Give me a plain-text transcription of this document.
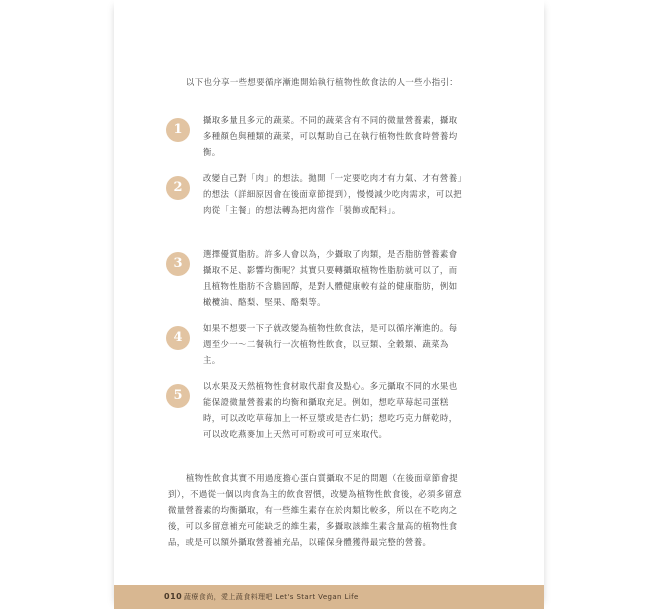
以下也分享一些想要循序漸進開始執行植物性飲食法的人一些小指引：

1

攝取多量且多元的蔬菜。不同的蔬菜含有不同的微量營養素，攝取多種顏色與種類的蔬菜，可以幫助自己在執行植物性飲食時營養均衡。

2

改變自己對「肉」的想法。拋開「一定要吃肉才有力氣、才有營養」的想法（詳細原因會在後面章節提到），慢慢減少吃肉需求，可以把肉從「主餐」的想法轉為把肉當作「裝飾或配料」。

3

選擇優質脂肪。許多人會以為，少攝取了肉類，是否脂肪營養素會攝取不足、影響均衡呢？其實只要轉攝取植物性脂肪就可以了，而且植物性脂肪不含膽固醇，是對人體健康較有益的健康脂肪，例如橄欖油、酪梨、堅果、酪梨等。

4

如果不想要一下子就改變為植物性飲食法，是可以循序漸進的。每週至少一～二餐執行一次植物性飲食，以豆類、全穀類、蔬菜為主。

5

以水果及天然植物性食材取代甜食及點心。多元攝取不同的水果也能保證微量營養素的均衡和攝取充足。例如，想吃草莓起司蛋糕時，可以改吃草莓加上一杯豆漿或是杏仁奶；想吃巧克力餅乾時，可以改吃燕麥加上天然可可粉或可可豆來取代。

植物性飲食其實不用過度擔心蛋白質攝取不足的問題（在後面章節會提到），不過從一個以肉食為主的飲食習慣，改變為植物性飲食後，必須多留意微量營養素的均衡攝取，有一些維生素存在於肉類比較多，所以在不吃肉之後，可以多留意補充可能缺乏的維生素，多攝取該維生素含量高的植物性食品，或是可以額外攝取營養補充品，以確保身體獲得最完整的營養。

010 蔬療食尚，愛上蔬食料理吧 Let's Start Vegan Life
